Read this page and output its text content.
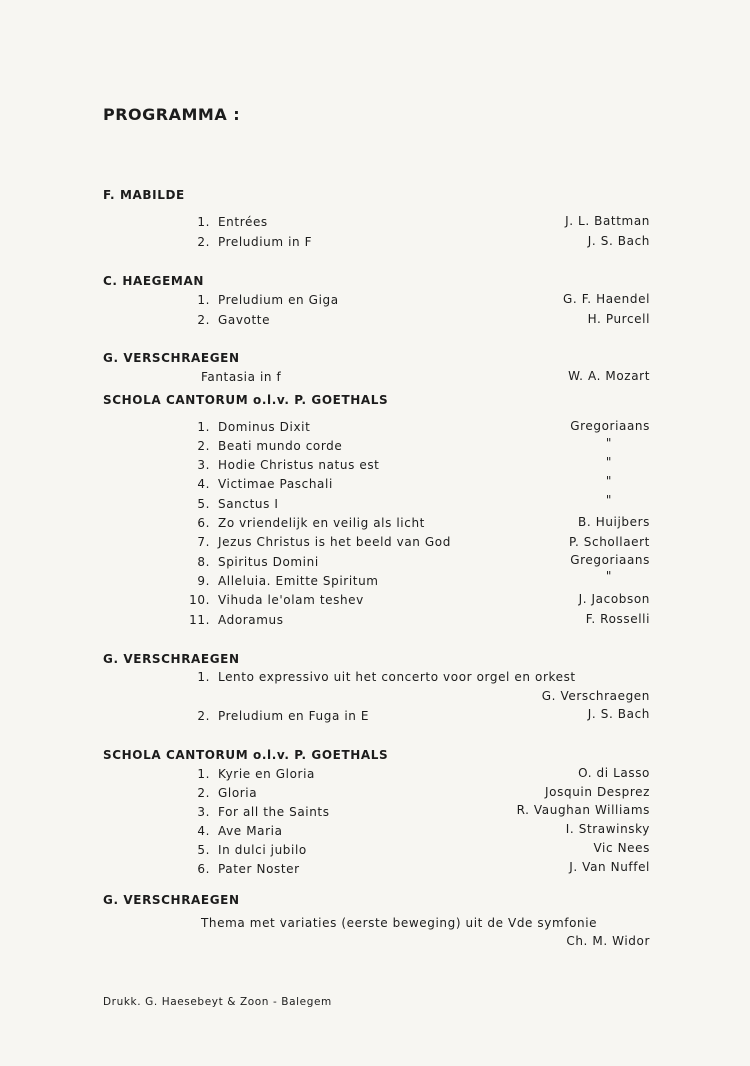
PROGRAMMA :
F. MABILDE
1. Entrées	J. L. Battman
2. Preludium in F	J. S. Bach
C. HAEGEMAN
1. Preludium en Giga	G. F. Haendel
2. Gavotte	H. Purcell
G. VERSCHRAEGEN
Fantasia in f	W. A. Mozart
SCHOLA CANTORUM o.l.v. P. GOETHALS
1. Dominus Dixit	Gregoriaans
2. Beati mundo corde	"
3. Hodie Christus natus est	"
4. Victimae Paschali	"
5. Sanctus I	"
6. Zo vriendelijk en veilig als licht	B. Huijbers
7. Jezus Christus is het beeld van God	P. Schollaert
8. Spiritus Domini	Gregoriaans
9. Alleluia. Emitte Spiritum	"
10. Vihuda le'olam teshev	J. Jacobson
11. Adoramus	F. Rosselli
G. VERSCHRAEGEN
1. Lento expressivo uit het concerto voor orgel en orkest
G. Verschraegen
2. Preludium en Fuga in E	J. S. Bach
SCHOLA CANTORUM o.l.v. P. GOETHALS
1. Kyrie en Gloria	O. di Lasso
2. Gloria	Josquin Desprez
3. For all the Saints	R. Vaughan Williams
4. Ave Maria	I. Strawinsky
5. In dulci jubilo	Vic Nees
6. Pater Noster	J. Van Nuffel
G. VERSCHRAEGEN
Thema met variaties (eerste beweging) uit de Vde symfonie
Ch. M. Widor
Drukk. G. Haesebeyt & Zoon - Balegem
